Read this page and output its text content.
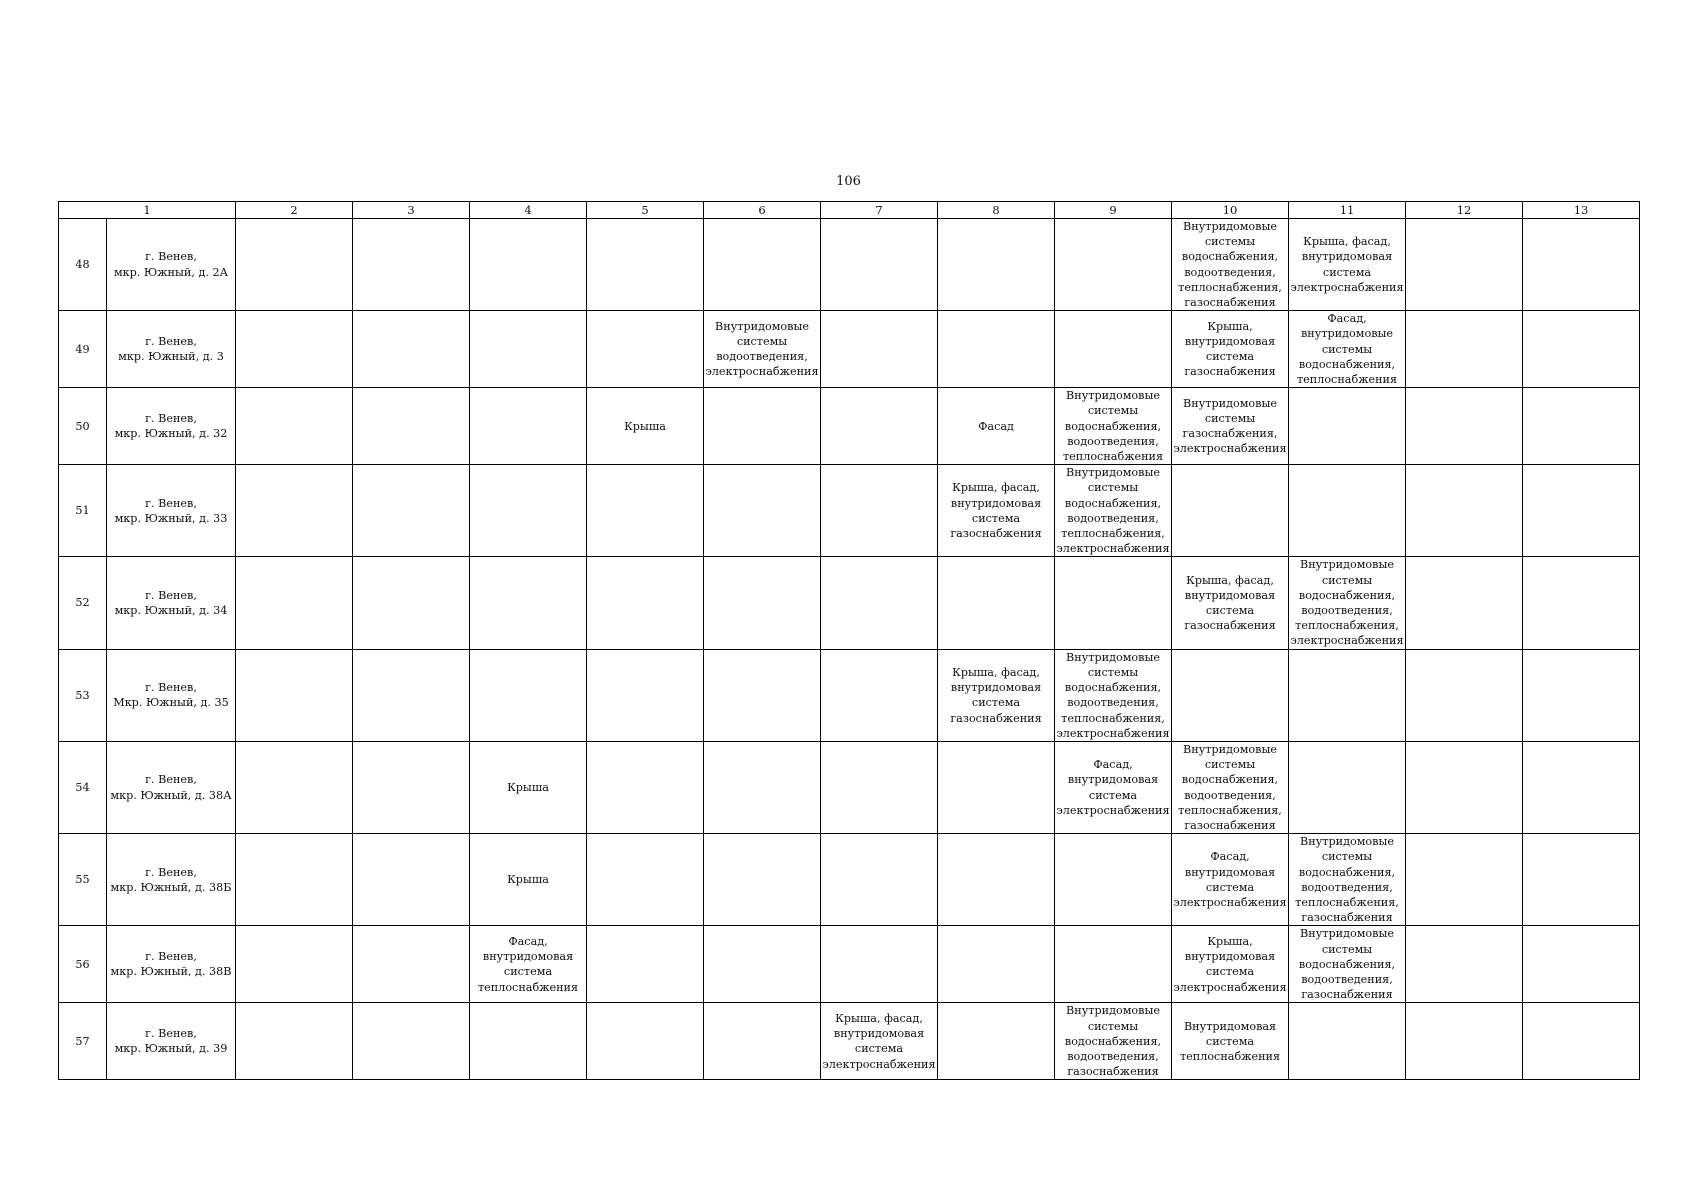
106
1		2	3	4	5	6	7	8	9	10	11	12	13
48	г. Венев,
мкр. Южный, д. 2А									Внутридомовые системы водоснабжения, водоотведения, теплоснабжения, газоснабжения	Крыша, фасад, внутридомовая система электроснабжения		
49	г. Венев,
мкр. Южный, д. 3					Внутридомовые системы водоотведения, электроснабжения				Крыша, внутридомовая система газоснабжения	Фасад, внутридомовые системы водоснабжения, теплоснабжения		
50	г. Венев,
мкр. Южный, д. 32				Крыша			Фасад	Внутридомовые системы водоснабжения, водоотведения, теплоснабжения	Внутридомовые системы газоснабжения, электроснабжения			
51	г. Венев,
мкр. Южный, д. 33							Крыша, фасад, внутридомовая система газоснабжения	Внутридомовые системы водоснабжения, водоотведения, теплоснабжения, электроснабжения				
52	г. Венев,
мкр. Южный, д. 34									Крыша, фасад, внутридомовая система газоснабжения	Внутридомовые системы водоснабжения, водоотведения, теплоснабжения, электроснабжения		
53	г. Венев,
Мкр. Южный, д. 35							Крыша, фасад, внутридомовая система газоснабжения	Внутридомовые системы водоснабжения, водоотведения, теплоснабжения, электроснабжения				
54	г. Венев,
мкр. Южный, д. 38А			Крыша					Фасад, внутридомовая система электроснабжения	Внутридомовые системы водоснабжения, водоотведения, теплоснабжения, газоснабжения			
55	г. Венев,
мкр. Южный, д. 38Б			Крыша						Фасад, внутридомовая система электроснабжения	Внутридомовые системы водоснабжения, водоотведения, теплоснабжения, газоснабжения		
56	г. Венев,
мкр. Южный, д. 38В			Фасад, внутридомовая система теплоснабжения						Крыша, внутридомовая система электроснабжения	Внутридомовые системы водоснабжения, водоотведения, газоснабжения		
57	г. Венев,
мкр. Южный, д. 39						Крыша, фасад, внутридомовая система электроснабжения		Внутридомовые системы водоснабжения, водоотведения, газоснабжения	Внутридомовая система теплоснабжения			
